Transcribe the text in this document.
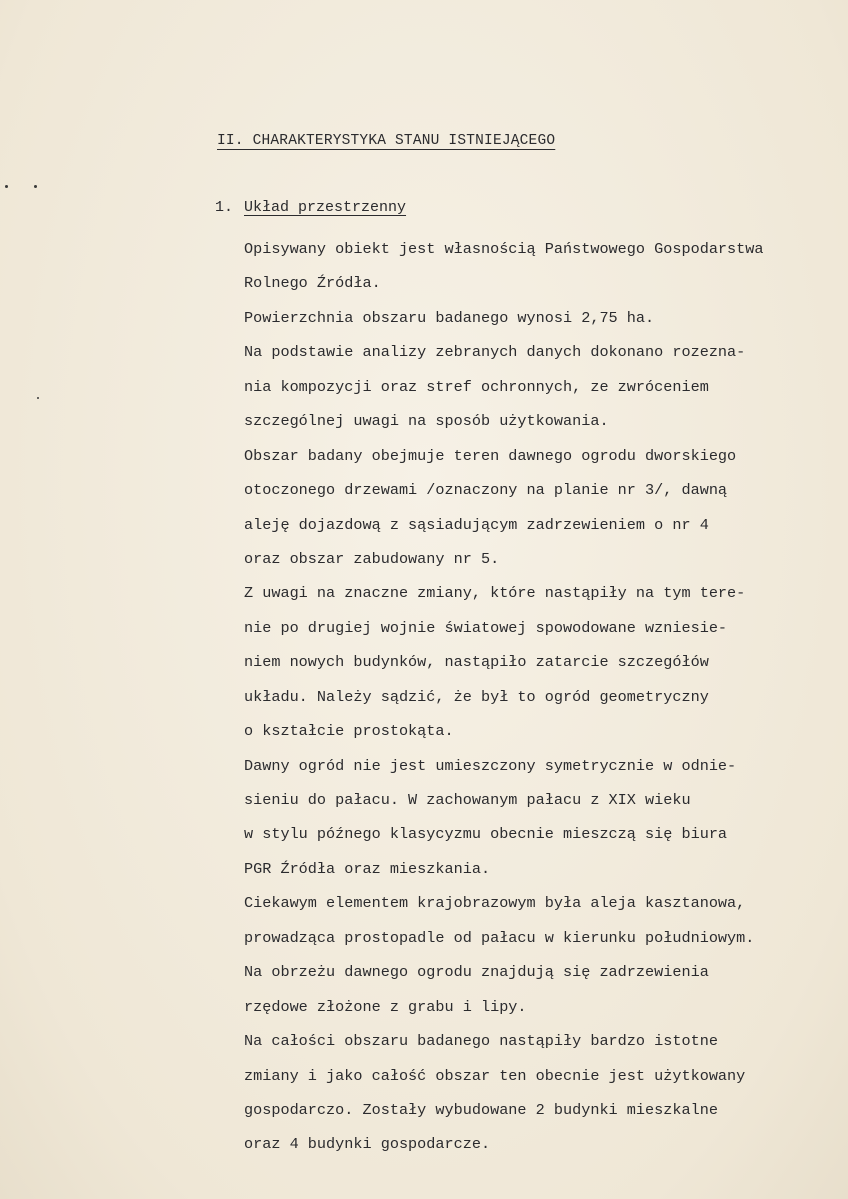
II. CHARAKTERYSTYKA STANU ISTNIEJĄCEGO
1. Układ przestrzenny
Opisywany obiekt jest własnością Państwowego Gospodarstwa
Rolnego Źródła.
Powierzchnia obszaru badanego wynosi 2,75 ha.
Na podstawie analizy zebranych danych dokonano rozezna-
nia kompozycji oraz stref ochronnych, ze zwróceniem
szczególnej uwagi na sposób użytkowania.
Obszar badany obejmuje teren dawnego ogrodu dworskiego
otoczonego drzewami /oznaczony na planie nr 3/, dawną
aleję dojazdową z sąsiadującym zadrzewieniem o nr 4
oraz obszar zabudowany nr 5.
Z uwagi na znaczne zmiany, które nastąpiły na tym tere-
nie po drugiej wojnie światowej spowodowane wzniesie-
niem nowych budynków, nastąpiło zatarcie szczegółów
układu. Należy sądzić, że był to ogród geometryczny
o kształcie prostokąta.
Dawny ogród nie jest umieszczony symetrycznie w odnie-
sieniu do pałacu. W zachowanym pałacu z XIX wieku
w stylu późnego klasycyzmu obecnie mieszczą się biura
PGR Źródła oraz mieszkania.
Ciekawym elementem krajobrazowym była aleja kasztanowa,
prowadząca prostopadle od pałacu w kierunku południowym.
Na obrzeżu dawnego ogrodu znajdują się zadrzewienia
rzędowe złożone z grabu i lipy.
Na całości obszaru badanego nastąpiły bardzo istotne
zmiany i jako całość obszar ten obecnie jest użytkowany
gospodarczo. Zostały wybudowane 2 budynki mieszkalne
oraz 4 budynki gospodarcze.
